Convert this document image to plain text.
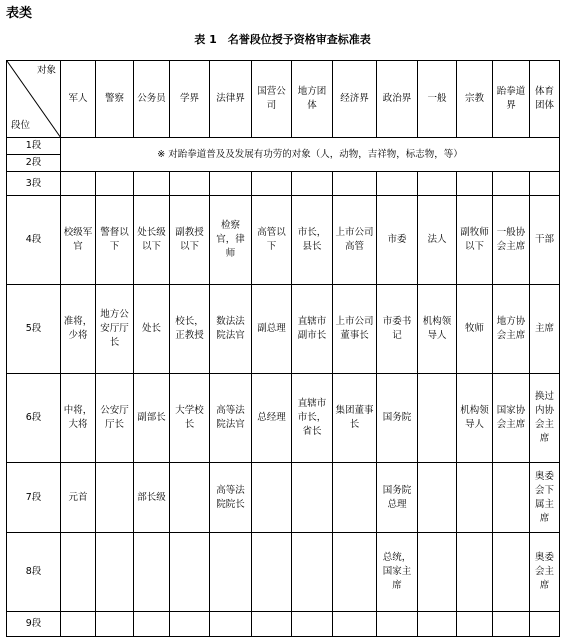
表类
表 1　名誉段位授予资格审查标准表
对象
段位	军人	警察	公务员	学界	法律界	国营公司	地方团体	经济界	政治界	一般	宗教	跆拳道界	体育团体
1段	※ 对跆拳道普及及发展有功劳的对象（人，动物，吉祥物，标志物，等）												
2段													
3段													
4段	校级军官	警督以下	处长级以下	副教授以下	检察官，律师	高管以下	市长，县长	上市公司高管	市委	法人	副牧师以下	一般协会主席	干部
5段	准将，少将	地方公安厅厅长	处长	校长，正教授	数法法院法官	副总理	直辖市副市长	上市公司董事长	市委书记	机构领导人	牧师	地方协会主席	主席
6段	中将，大将	公安厅厅长	副部长	大学校长	高等法院法官	总经理	直辖市市长，省长	集团董事长	国务院		机构领导人	国家协会主席	换过内协会主席
7段	元首		部长级		高等法院院长				国务院总理				奥委会下属主席
8段									总统，国家主席				奥委会主席
9段													
